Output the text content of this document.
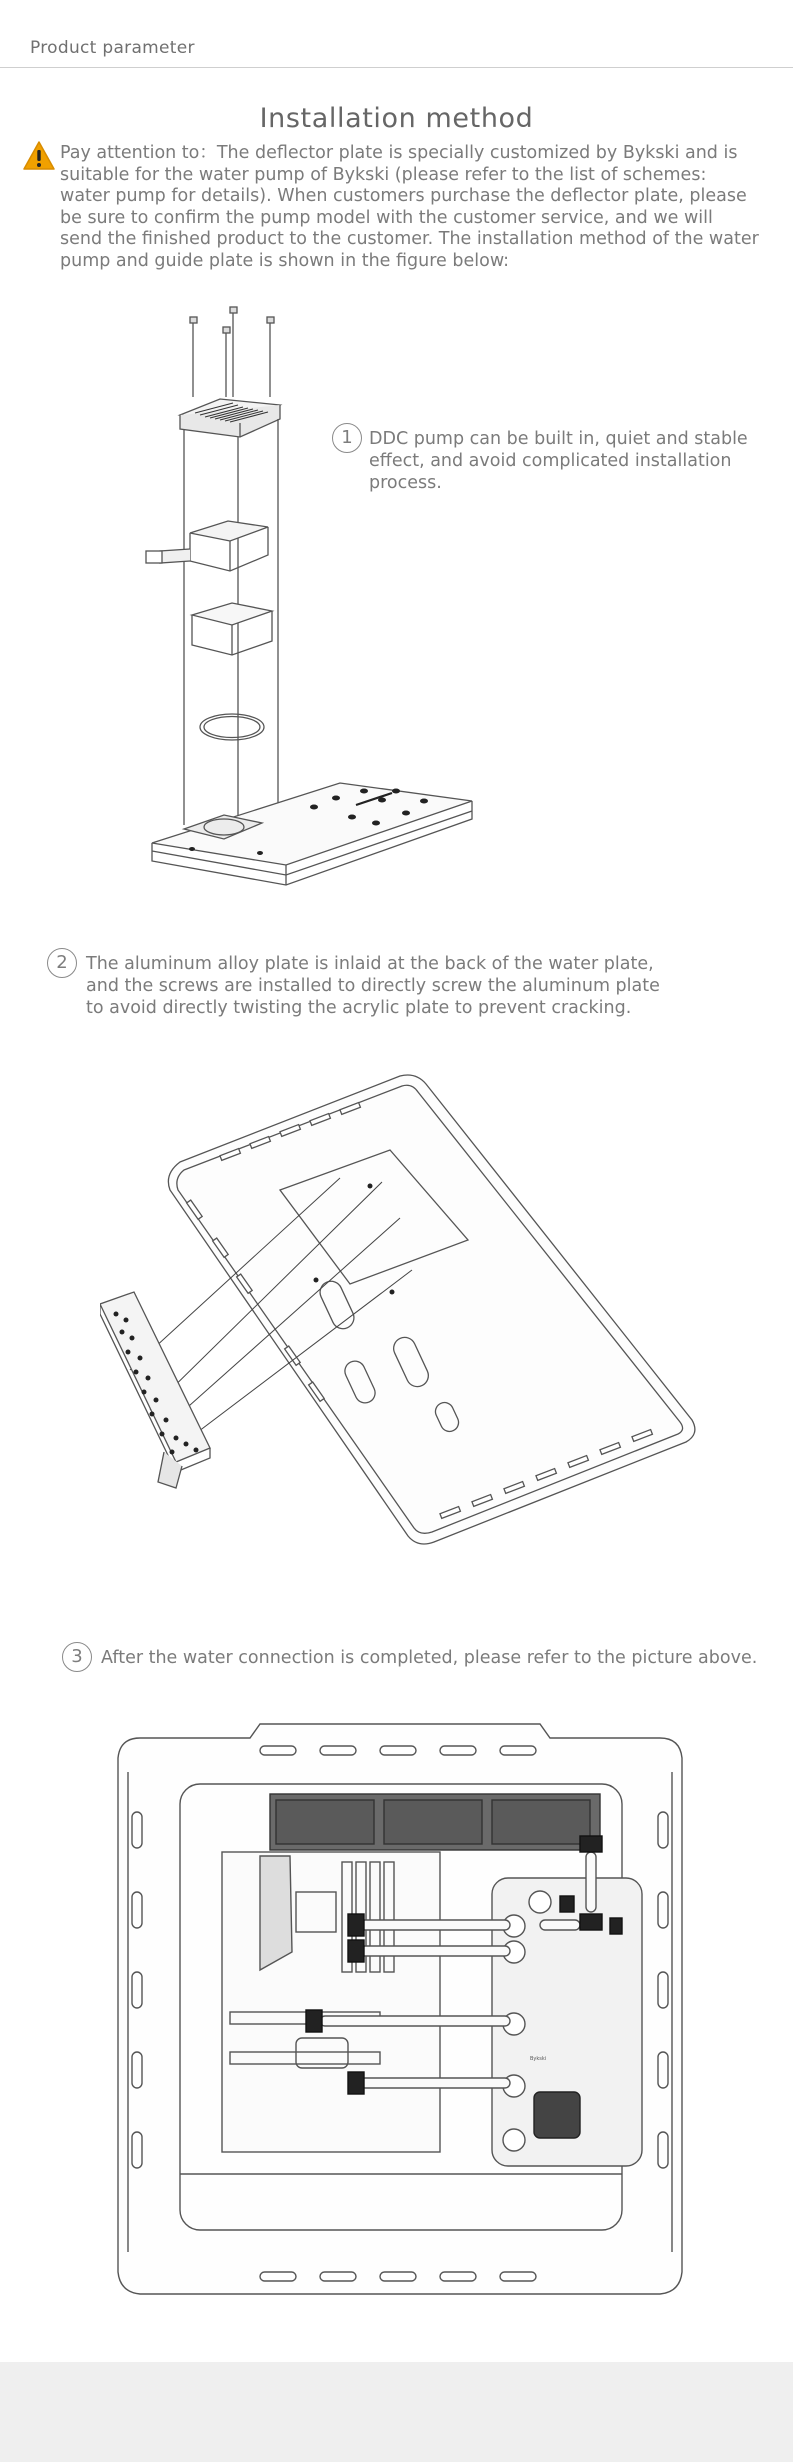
Product parameter
Installation method
Pay attention to：The deflector plate is specially customized by Bykski and is suitable for the water pump of Bykski (please refer to the list of schemes: water pump for details). When customers purchase the deflector plate, please be sure to confirm the pump model with the customer service, and we will send the finished product to the customer. The installation method of the water pump and guide plate is shown in the figure below:
1 DDC pump can be built in, quiet and stable effect, and avoid complicated installation process.
2	The aluminum alloy plate is inlaid at the back of the water plate, and the screws are installed to directly screw the aluminum plate to avoid directly twisting the acrylic plate to prevent cracking.
3	After the water connection is completed, please refer to the picture above.
Bykski
